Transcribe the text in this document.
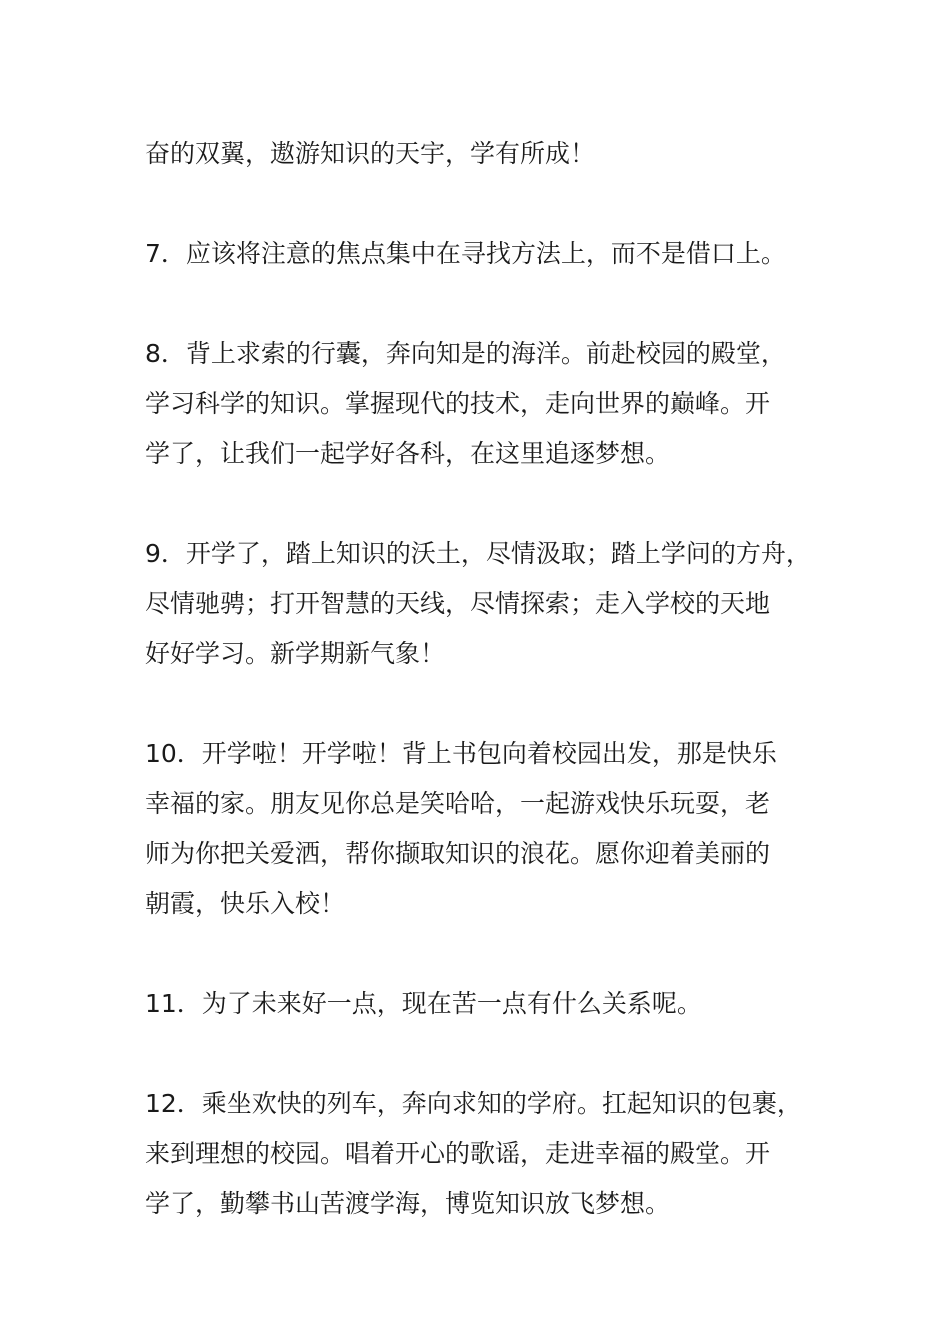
奋的双翼，遨游知识的天宇，学有所成！

7．应该将注意的焦点集中在寻找方法上，而不是借口上。

8．背上求索的行囊，奔向知是的海洋。前赴校园的殿堂，
学习科学的知识。掌握现代的技术，走向世界的巅峰。开
学了，让我们一起学好各科，在这里追逐梦想。

9．开学了，踏上知识的沃土，尽情汲取；踏上学问的方舟，
尽情驰骋；打开智慧的天线，尽情探索；走入学校的天地
好好学习。新学期新气象！

10．开学啦！开学啦！背上书包向着校园出发，那是快乐
幸福的家。朋友见你总是笑哈哈，一起游戏快乐玩耍，老
师为你把关爱洒，帮你撷取知识的浪花。愿你迎着美丽的
朝霞，快乐入校！

11．为了未来好一点，现在苦一点有什么关系呢。

12．乘坐欢快的列车，奔向求知的学府。扛起知识的包裹，
来到理想的校园。唱着开心的歌谣，走进幸福的殿堂。开
学了，勤攀书山苦渡学海，博览知识放飞梦想。
